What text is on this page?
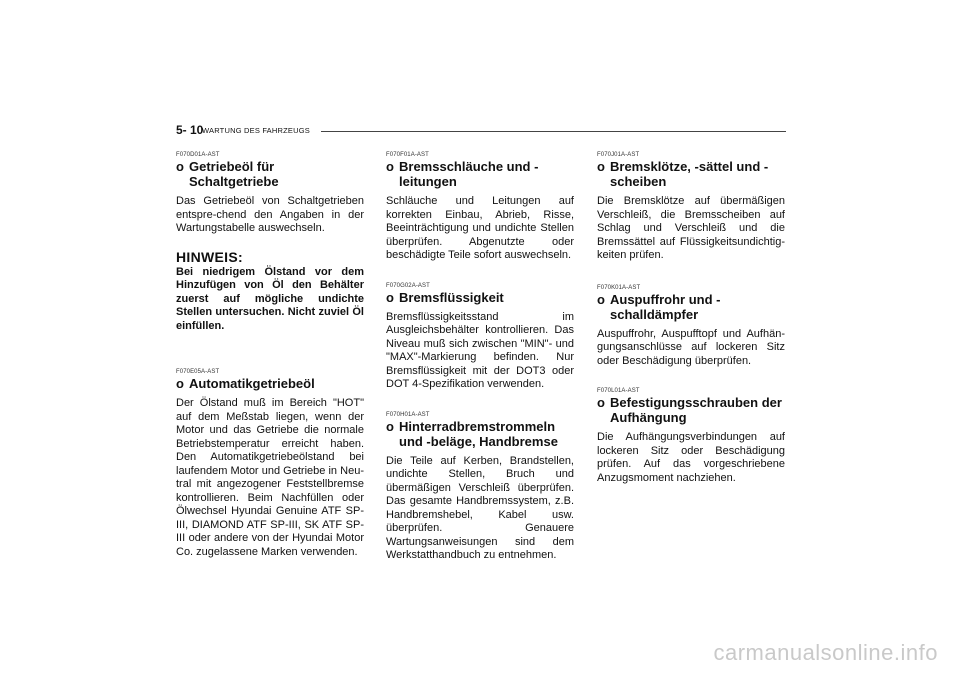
5- 10
WARTUNG DES FAHRZEUGS
F070D01A-AST
o Getriebeöl für Schaltgetriebe

Das Getriebeöl von Schaltgetrieben entspre-chend den Angaben in der Wartungstabelle auswechseln.

HINWEIS:

Bei niedrigem Ölstand vor dem Hinzufügen von Öl den Behälter zuerst auf mögliche undichte Stellen untersuchen. Nicht zuviel Öl einfüllen.

F070E05A-AST
o Automatikgetriebeöl

Der Ölstand muß im Bereich "HOT" auf dem Meßstab liegen, wenn der Motor und das Getriebe die normale Betriebstemperatur erreicht haben. Den Automatikgetriebeölstand bei laufendem Motor und Getriebe in Neu-tral mit angezogener Feststellbremse kontrollieren. Beim Nachfüllen oder Ölwechsel Hyundai Genuine ATF SP-III, DIAMOND ATF SP-III, SK ATF SP-III oder andere von der Hyundai Motor Co. zugelassene Marken verwenden.

F070F01A-AST
o Bremsschläuche und - leitungen

Schläuche und Leitungen auf korrekten Einbau, Abrieb, Risse, Beeinträchtigung und undichte Stellen überprüfen. Abgenutzte oder beschädigte Teile sofort auswechseln.

F070G02A-AST
o Bremsflüssigkeit

Bremsflüssigkeitsstand im Ausgleichsbehälter kontrollieren. Das Niveau muß sich zwischen "MIN"- und "MAX"-Markierung befinden. Nur Bremsflüssigkeit mit der DOT3 oder DOT 4-Spezifikation verwenden.

F070H01A-AST
o Hinterradbremstrommeln und -beläge, Handbremse

Die Teile auf Kerben, Brandstellen, undichte Stellen, Bruch und übermäßigen Verschleiß überprüfen. Das gesamte Handbremssystem, z.B. Handbremshebel, Kabel usw. überprüfen. Genauere Wartungsanweisungen sind dem Werkstatthandbuch zu entnehmen.

F070J01A-AST
o Bremsklötze, -sättel und - scheiben

Die Bremsklötze auf übermäßigen Verschleiß, die Bremsscheiben auf Schlag und Verschleiß und die Bremssättel auf Flüssigkeitsundichtig-keiten prüfen.

F070K01A-AST
o Auspuffrohr und - schalldämpfer

Auspuffrohr, Auspufftopf und Aufhän-gungsanschlüsse auf lockeren Sitz oder Beschädigung überprüfen.

F070L01A-AST
o Befestigungsschrauben der Aufhängung

Die Aufhängungsverbindungen auf lockeren Sitz oder Beschädigung prüfen. Auf das vorgeschriebene Anzugsmoment nachziehen.

carmanualsonline.info
